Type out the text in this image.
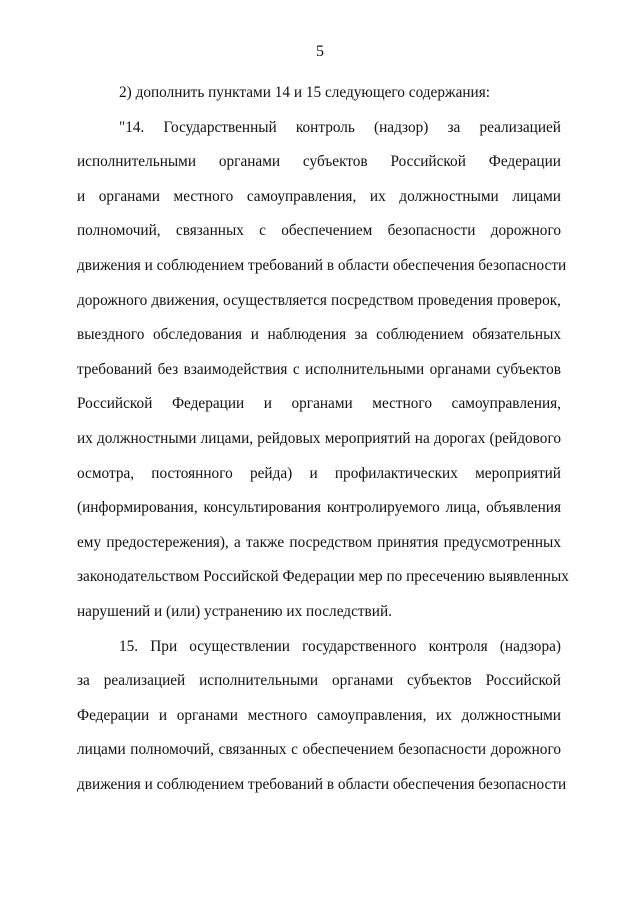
5
2) дополнить пунктами 14 и 15 следующего содержания:
"14. Государственный контроль (надзор) за реализацией
исполнительными органами субъектов Российской Федерации
и органами местного самоуправления, их должностными лицами
полномочий, связанных с обеспечением безопасности дорожного
движения и соблюдением требований в области обеспечения безопасности
дорожного движения, осуществляется посредством проведения проверок,
выездного обследования и наблюдения за соблюдением обязательных
требований без взаимодействия с исполнительными органами субъектов
Российской Федерации и органами местного самоуправления,
их должностными лицами, рейдовых мероприятий на дорогах (рейдового
осмотра, постоянного рейда) и профилактических мероприятий
(информирования, консультирования контролируемого лица, объявления
ему предостережения), а также посредством принятия предусмотренных
законодательством Российской Федерации мер по пресечению выявленных
нарушений и (или) устранению их последствий.
15. При осуществлении государственного контроля (надзора)
за реализацией исполнительными органами субъектов Российской
Федерации и органами местного самоуправления, их должностными
лицами полномочий, связанных с обеспечением безопасности дорожного
движения и соблюдением требований в области обеспечения безопасности
